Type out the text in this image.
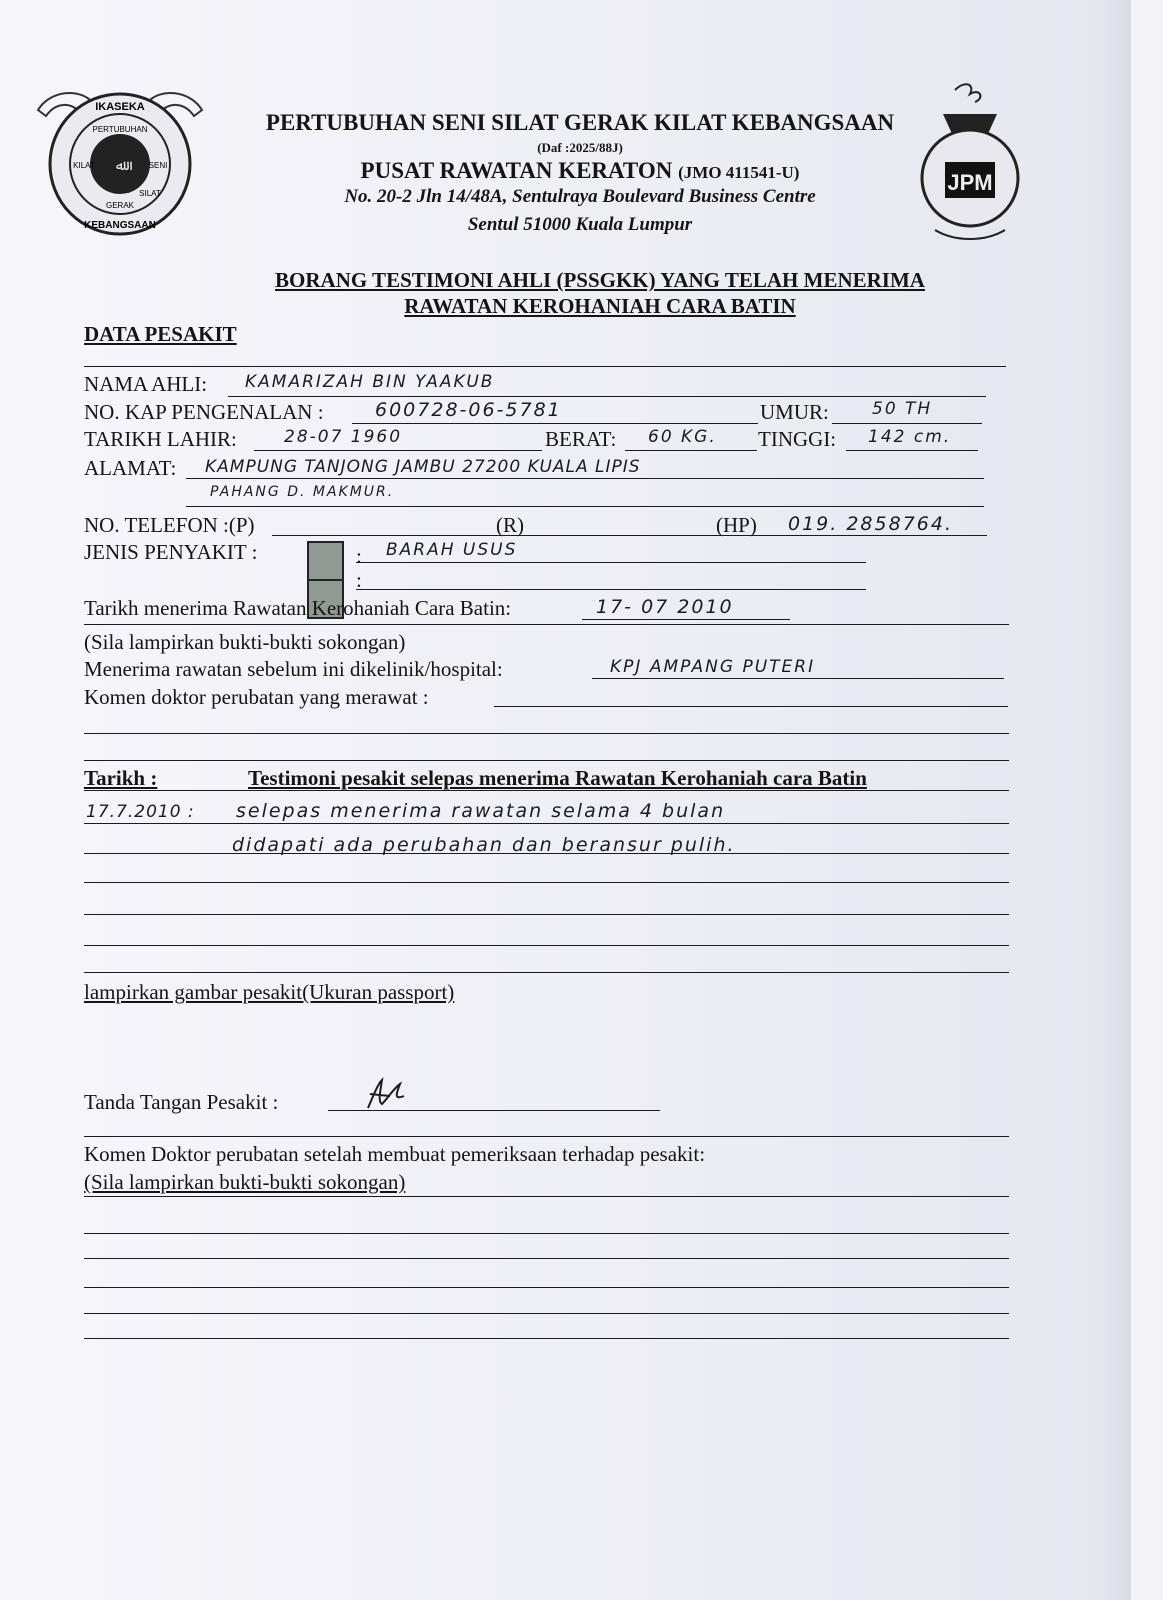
ﷲ
IKASEKA
KEBANGSAAN
PERTUBUHAN
SENI
SILAT
GERAK
KILAT
JPM
PERTUBUHAN SENI SILAT GERAK KILAT KEBANGSAAN
(Daf :2025/88J)
PUSAT RAWATAN KERATON (JMO 411541-U)
No. 20-2 Jln 14/48A, Sentulraya Boulevard Business Centre
Sentul 51000 Kuala Lumpur
BORANG TESTIMONI AHLI (PSSGKK) YANG TELAH MENERIMA
RAWATAN KEROHANIAH CARA BATIN
DATA PESAKIT
NAMA AHLI: KAMARIZAH BIN YAAKUB
NO. KAP PENGENALAN :	600728-06-5781	UMUR:	50 TH
TARIKH LAHIR:	28-07 1960	BERAT: 60 KG. TINGGI: 142 cm.
ALAMAT: KAMPUNG TANJONG JAMBU 27200 KUALA LIPIS
PAHANG D. MAKMUR.
NO. TELEFON :(P)	(R)	(HP) 019. 2858764.
JENIS PENYAKIT :	: BARAH USUS
:
Tarikh menerima Rawatan Kerohaniah Cara Batin:	17- 07 2010
(Sila lampirkan bukti-bukti sokongan)
Menerima rawatan sebelum ini dikelinik/hospital:	KPJ AMPANG PUTERI
Komen doktor perubatan yang merawat :
Tarikh :	Testimoni pesakit selepas menerima Rawatan Kerohaniah cara Batin
17.7.2010 : selepas menerima rawatan selama 4 bulan
didapati ada perubahan dan beransur pulih.
lampirkan gambar pesakit(Ukuran passport)
Tanda Tangan Pesakit :
Komen Doktor perubatan setelah membuat pemeriksaan terhadap pesakit:
(Sila lampirkan bukti-bukti sokongan)
